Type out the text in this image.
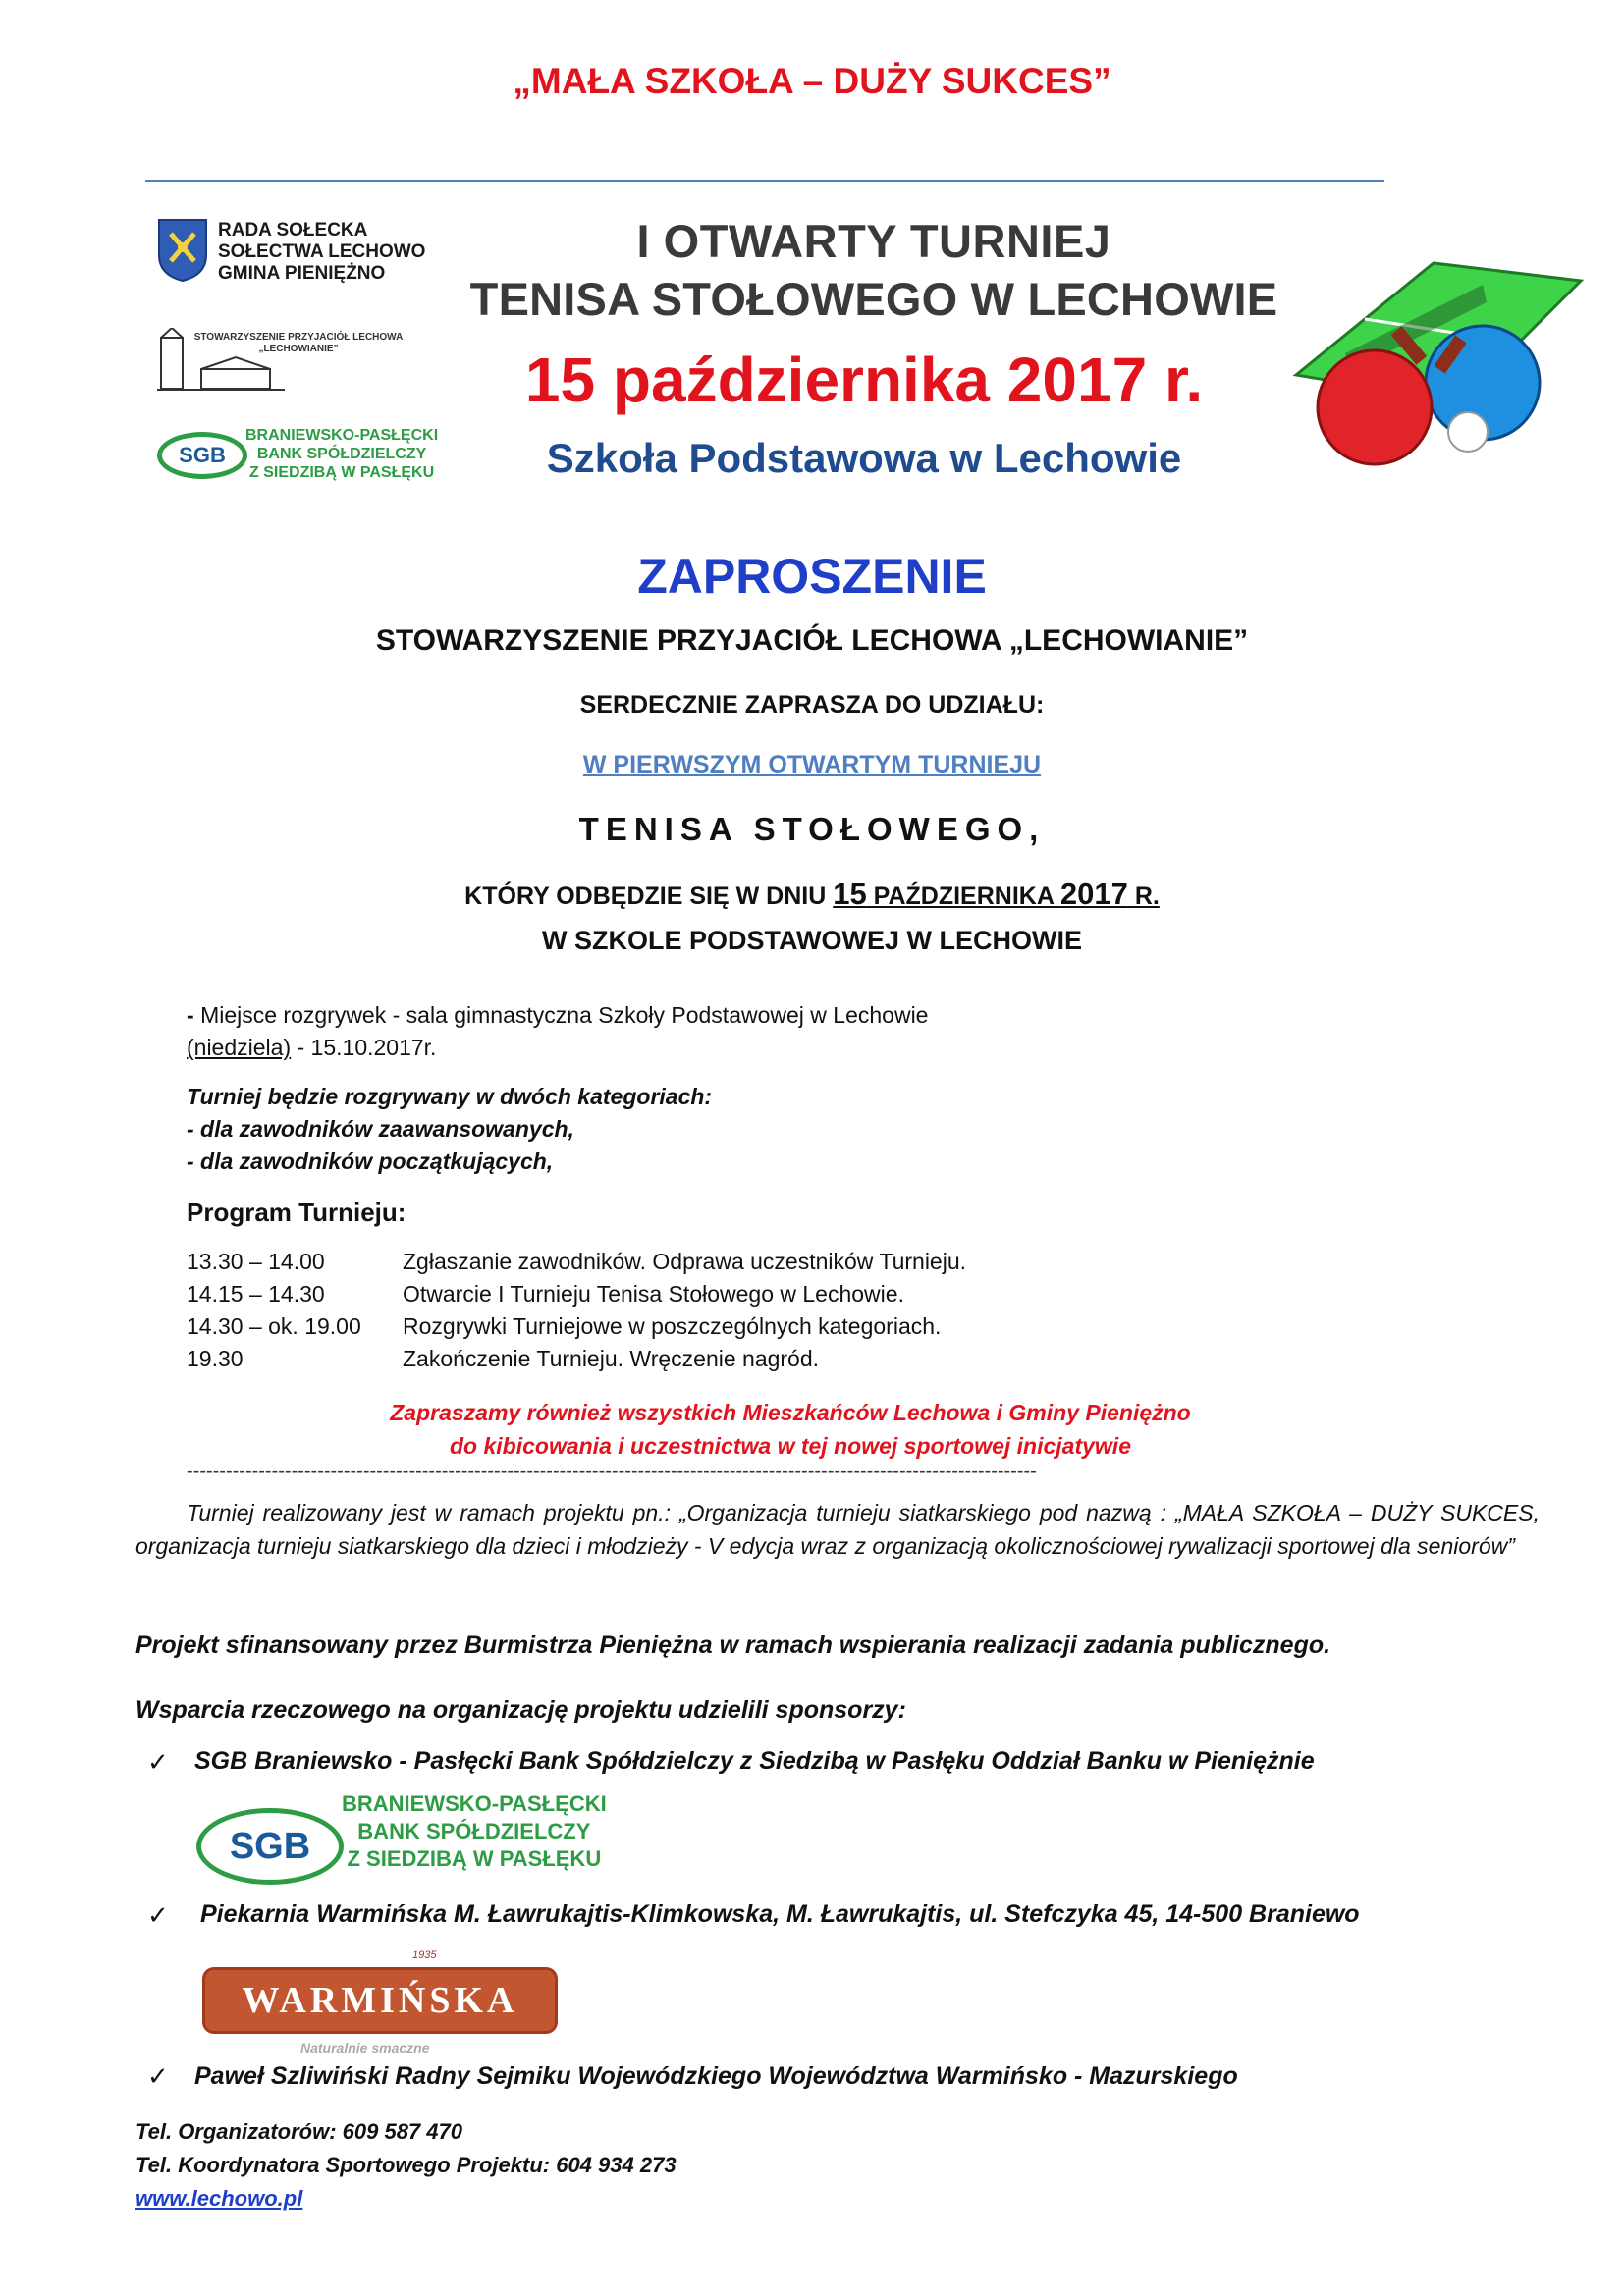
„MAŁA SZKOŁA – DUŻY SUKCES”
RADA SOŁECKA
SOŁECTWA LECHOWO
GMINA PIENIĘŻNO
STOWARZYSZENIE PRZYJACIÓŁ LECHOWA
„LECHOWIANIE”
SGB
BRANIEWSKO-PASŁĘCKI
BANK SPÓŁDZIELCZY
Z SIEDZIBĄ W PASŁĘKU
I OTWARTY TURNIEJ
TENISA STOŁOWEGO W LECHOWIE
15 października 2017 r.
Szkoła Podstawowa w Lechowie
ZAPROSZENIE
STOWARZYSZENIE PRZYJACIÓŁ LECHOWA „LECHOWIANIE”
SERDECZNIE ZAPRASZA DO UDZIAŁU:
W PIERWSZYM OTWARTYM TURNIEJU
TENISA STOŁOWEGO,
KTÓRY ODBĘDZIE SIĘ W DNIU 15 PAŹDZIERNIKA 2017 R.
W SZKOLE PODSTAWOWEJ W LECHOWIE
- Miejsce rozgrywek - sala gimnastyczna Szkoły Podstawowej w Lechowie
(niedziela) - 15.10.2017r.
Turniej będzie rozgrywany w dwóch kategoriach:
- dla zawodników zaawansowanych,
- dla zawodników początkujących,
Program Turnieju:
13.30 – 14.00	Zgłaszanie zawodników. Odprawa uczestników Turnieju.
14.15 – 14.30	Otwarcie I Turnieju Tenisa Stołowego w Lechowie.
14.30 – ok. 19.00 Rozgrywki Turniejowe w poszczególnych kategoriach.
19.30	Zakończenie Turnieju. Wręczenie nagród.
Zapraszamy również wszystkich Mieszkańców Lechowa i Gminy Pieniężno
do kibicowania i uczestnictwa w tej nowej sportowej inicjatywie
----------------------------------------------------------------------------------------------------------------------------------
Turniej realizowany jest w ramach projektu pn.: „Organizacja turnieju siatkarskiego pod nazwą : „MAŁA SZKOŁA – DUŻY SUKCES, organizacja turnieju siatkarskiego dla dzieci i młodzieży - V edycja wraz z organizacją okolicznościowej rywalizacji sportowej dla seniorów”
Projekt sfinansowany przez Burmistrza Pieniężna w ramach wspierania realizacji zadania publicznego.
Wsparcia rzeczowego na organizację projektu udzielili sponsorzy:
✓ SGB Braniewsko - Pasłęcki Bank Spółdzielczy z Siedzibą w Pasłęku Oddział Banku w Pieniężnie
SGB
BRANIEWSKO-PASŁĘCKI
BANK SPÓŁDZIELCZY
Z SIEDZIBĄ W PASŁĘKU
✓ Piekarnia Warmińska M. Ławrukajtis-Klimkowska, M. Ławrukajtis, ul. Stefczyka 45, 14-500 Braniewo
1935
WARMIŃSKA
Naturalnie smaczne
✓ Paweł Szliwiński Radny Sejmiku Wojewódzkiego Województwa Warmińsko - Mazurskiego
Tel. Organizatorów: 609 587 470
Tel. Koordynatora Sportowego Projektu: 604 934 273
www.lechowo.pl
